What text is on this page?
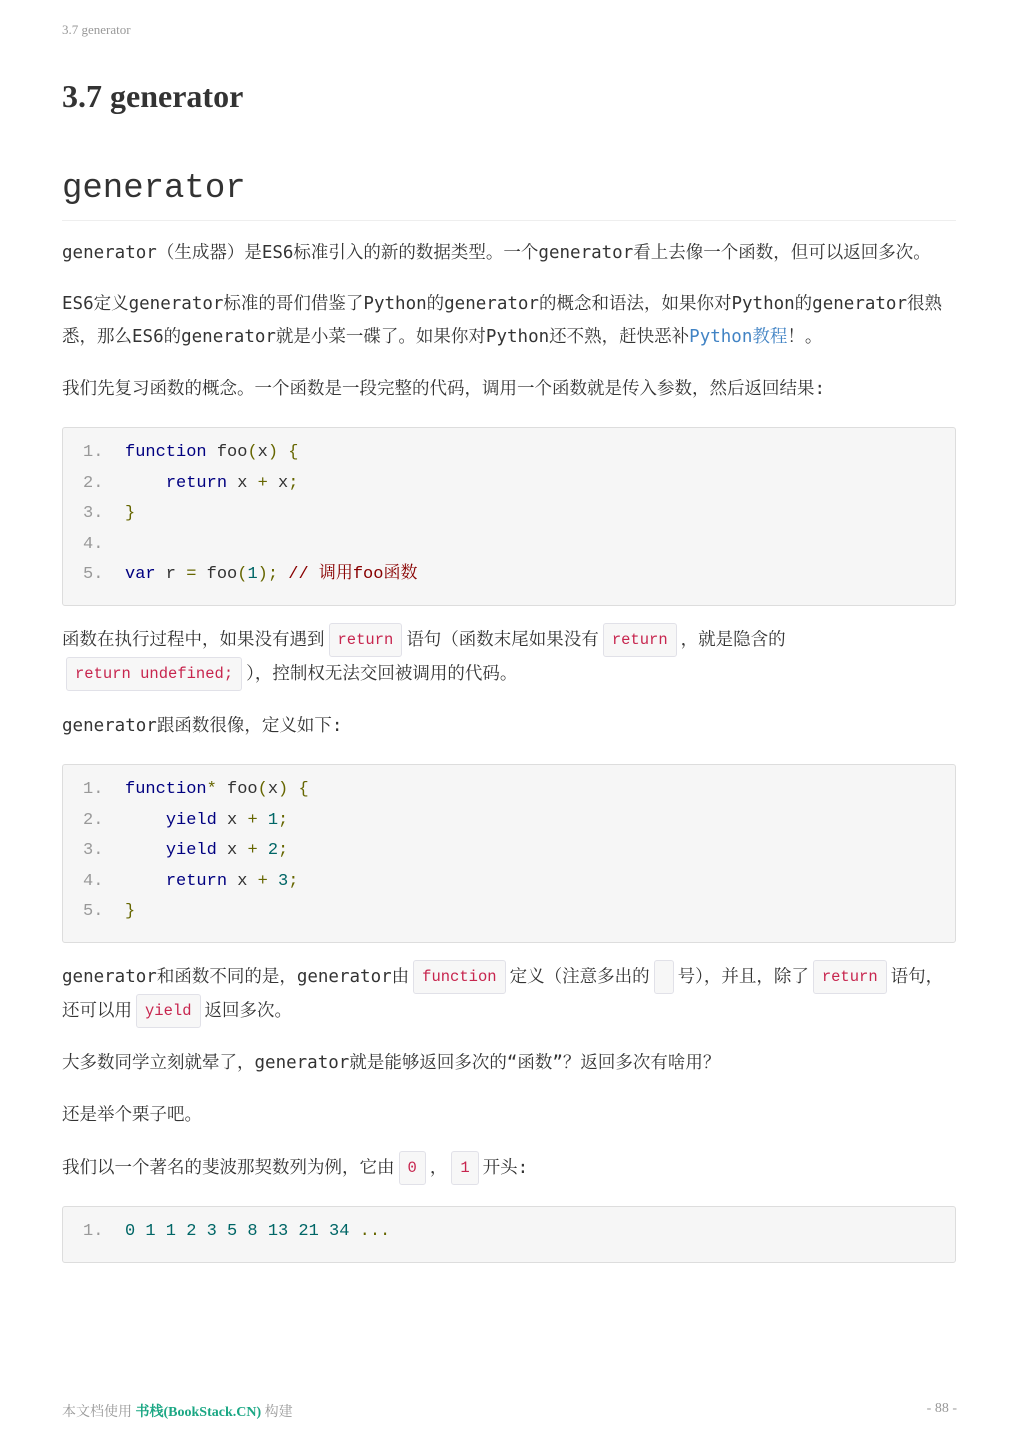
3.7 generator
3.7 generator
generator

generator（生成器）是ES6标准引入的新的数据类型。一个generator看上去像一个函数，但可以返回多次。

ES6定义generator标准的哥们借鉴了Python的generator的概念和语法，如果你对Python的generator很熟悉，那么ES6的generator就是小菜一碟了。如果你对Python还不熟，赶快恶补Python教程！。

我们先复习函数的概念。一个函数是一段完整的代码，调用一个函数就是传入参数，然后返回结果:

1.	function foo(x) {
2.	return x + x;
3.	}
4.
5.	var r = foo(1); // 调用foo函数

函数在执行过程中，如果没有遇到 return 语句（函数末尾如果没有 return ，就是隐含的return undefined; ），控制权无法交回被调用的代码。

generator跟函数很像，定义如下:

1.	function* foo(x) {
2.	yield x + 1;
3.	yield x + 2;
4.	return x + 3;
5.	}

generator和函数不同的是，generator由 function 定义（注意多出的 号），并且，除了 return 语句，还可以用 yield 返回多次。

大多数同学立刻就晕了，generator就是能够返回多次的“函数”？返回多次有啥用？

还是举个栗子吧。

我们以一个著名的斐波那契数列为例，它由 0 ， 1 开头:

1.	0 1 1 2 3 5 8 13 21 34 ...
本文档使用 书栈(BookStack.CN) 构建	- 88 -
